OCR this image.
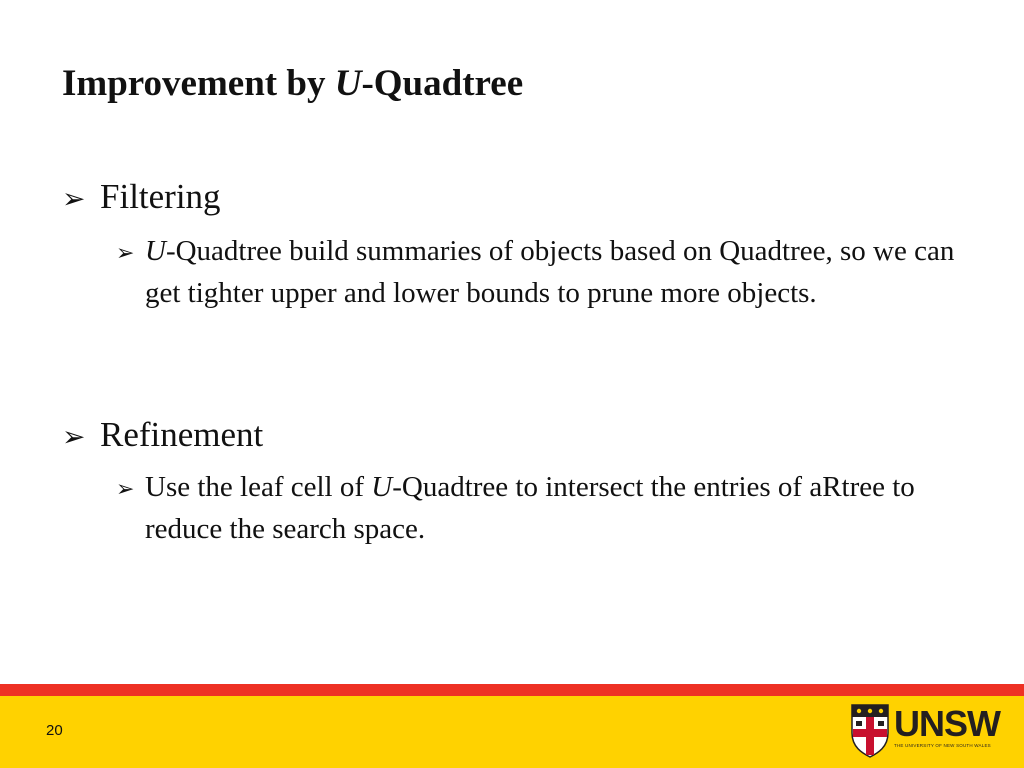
Improvement by U-Quadtree
➢ Filtering
➢ U-Quadtree build summaries of objects based on Quadtree, so we can get tighter upper and lower bounds to prune more objects.
➢ Refinement
➢ Use the leaf cell of U-Quadtree to intersect the entries of aRtree to reduce the search space.
20	UNSW
THE UNIVERSITY OF NEW SOUTH WALES
